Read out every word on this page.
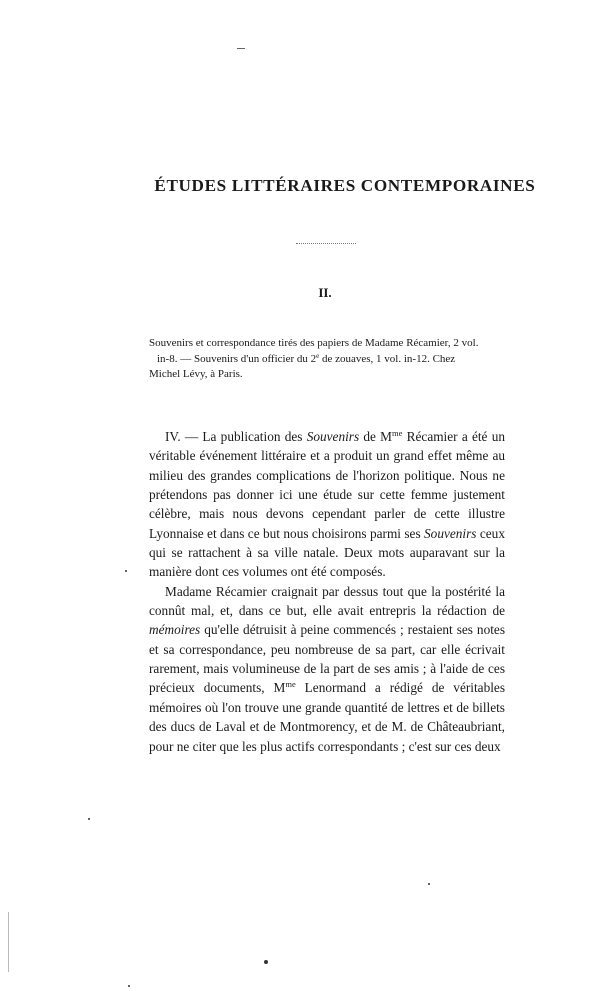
ÉTUDES LITTÉRAIRES CONTEMPORAINES
II.
Souvenirs et correspondance tirés des papiers de Madame Récamier, 2 vol.
in-8. — Souvenirs d'un officier du 2e de zouaves, 1 vol. in-12. Chez
Michel Lévy, à Paris.

IV. — La publication des Souvenirs de $M^{me}$ Récamier a été un véritable événement littéraire et a produit un grand effet même au milieu des grandes complications de l'horizon politique. Nous ne prétendons pas donner ici une étude sur cette femme justement célèbre, mais nous devons cependant parler de cette illustre Lyonnaise et dans ce but nous choisirons parmi ses Souvenirs ceux qui se rattachent à sa ville natale. Deux mots auparavant sur la manière dont ces volumes ont été composés.

Madame Récamier craignait par dessus tout que la postérité la connût mal, et, dans ce but, elle avait entrepris la rédaction de mémoires qu'elle détruisit à peine commencés ; restaient ses notes et sa correspondance, peu nombreuse de sa part, car elle écrivait rarement, mais volumineuse de la part de ses amis ; à l'aide de ces précieux documents, $M^{me}$ Lenormand a rédigé de véritables mémoires où l'on trouve une grande quantité de lettres et de billets des ducs de Laval et de Montmorency, et de M. de Châteaubriant, pour ne citer que les plus actifs correspondants ; c'est sur ces deux
